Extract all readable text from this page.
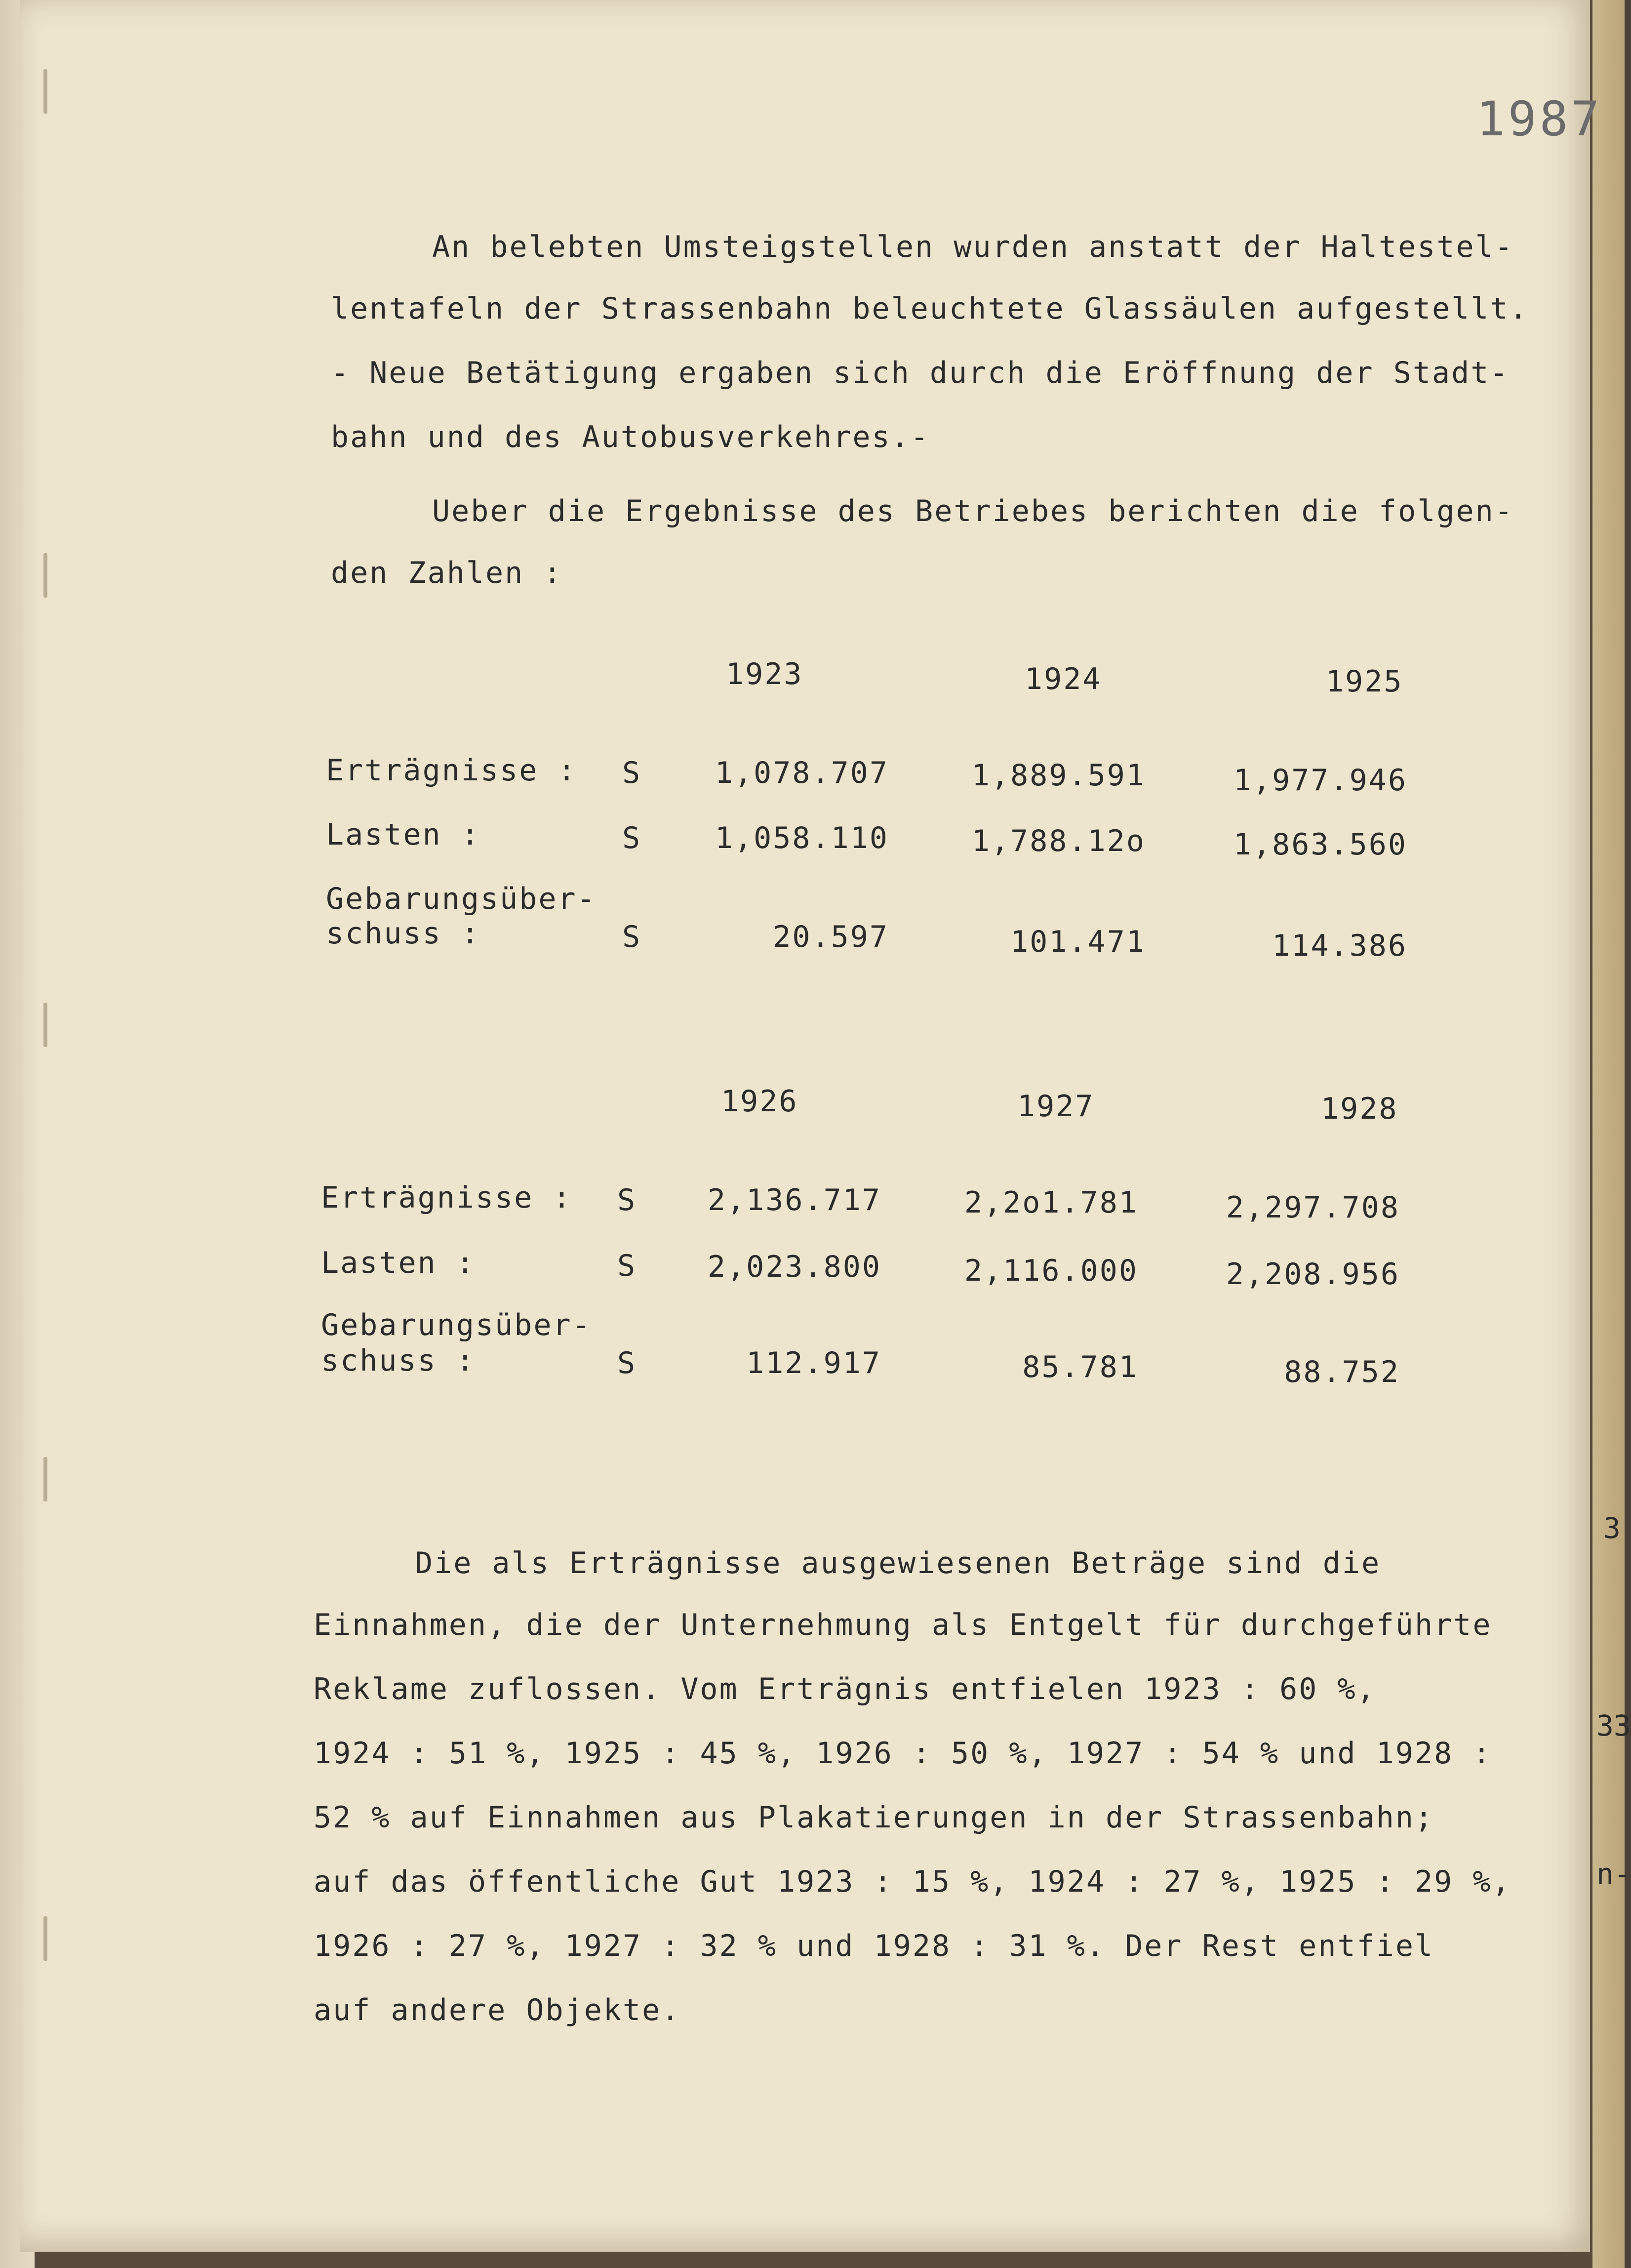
3
33
n-
1987
An belebten Umsteigstellen wurden anstatt der Haltestel-
lentafeln der Strassenbahn beleuchtete Glassäulen aufgestellt.
- Neue Betätigung ergaben sich durch die Eröffnung der Stadt-
bahn und des Autobusverkehres.-
Ueber die Ergebnisse des Betriebes berichten die folgen-
den Zahlen :
1923	1924	1925
Erträgnisse : S	1,078.707	1,889.591	1,977.946
Lasten :	S	1,058.110	1,788.12o	1,863.560
Gebarungsüber-
schuss :	S	20.597	101.471	114.386
1926	1927	1928
Erträgnisse : S	2,136.717	2,2o1.781	2,297.708
Lasten :	S	2,023.800	2,116.000	2,208.956
Gebarungsüber-
schuss :	S	112.917	85.781	88.752
Die als Erträgnisse ausgewiesenen Beträge sind die
Einnahmen, die der Unternehmung als Entgelt für durchgeführte
Reklame zuflossen. Vom Erträgnis entfielen 1923 : 60 %,
1924 : 51 %, 1925 : 45 %, 1926 : 50 %, 1927 : 54 % und 1928 :
52 % auf Einnahmen aus Plakatierungen in der Strassenbahn;
auf das öffentliche Gut 1923 : 15 %, 1924 : 27 %, 1925 : 29 %,
1926 : 27 %, 1927 : 32 % und 1928 : 31 %. Der Rest entfiel
auf andere Objekte.
